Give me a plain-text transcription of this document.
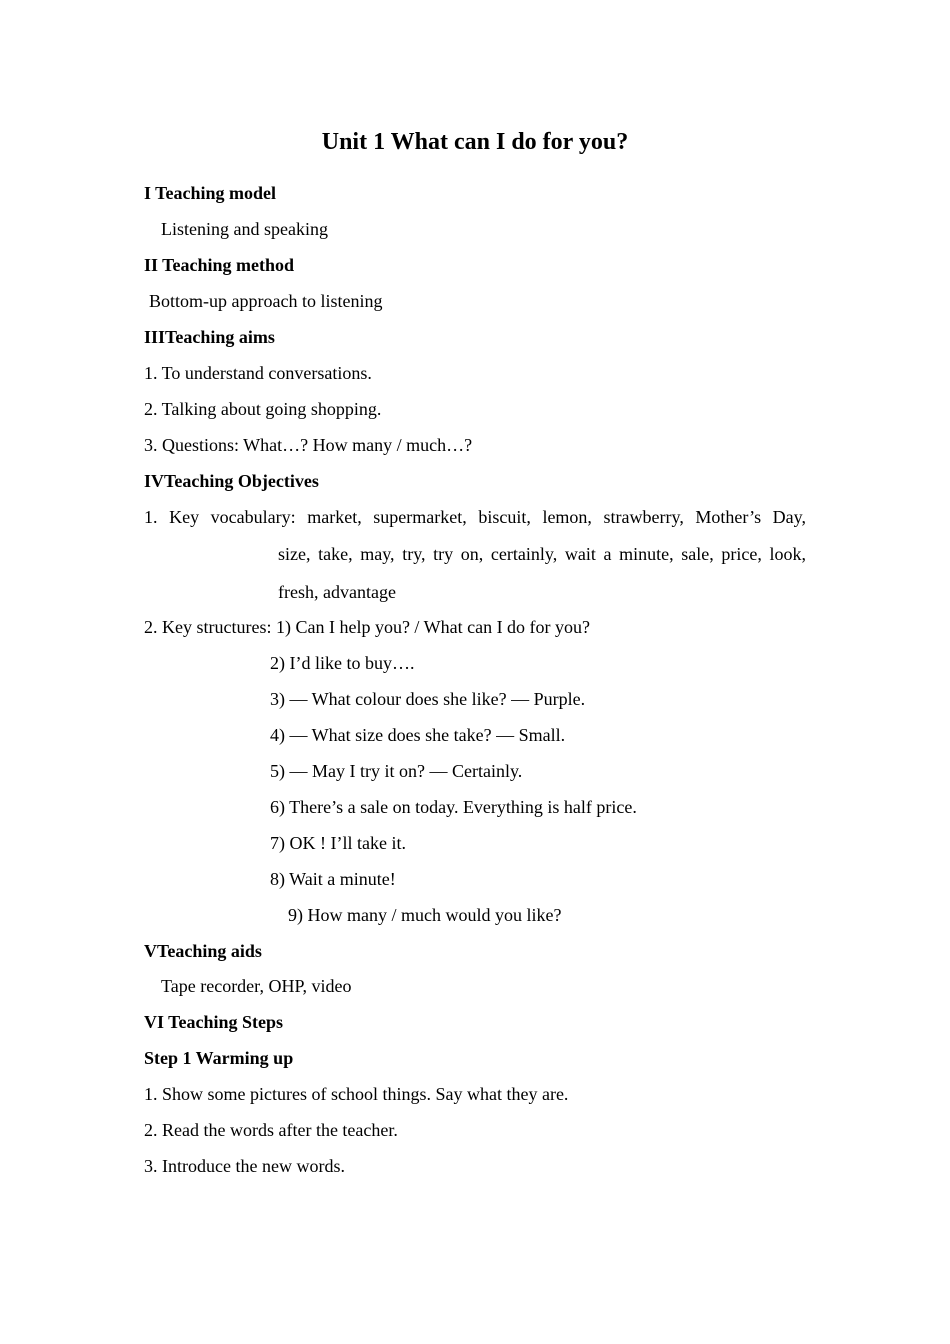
Unit 1 What can I do for you?
I Teaching model
Listening and speaking
II Teaching method
Bottom-up approach to listening
IIITeaching aims
1. To understand conversations.
2. Talking about going shopping.
3. Questions: What…? How many / much…?
IVTeaching Objectives
1. Key vocabulary: market, supermarket, biscuit, lemon, strawberry, Mother’s Day,
size, take, may, try, try on, certainly, wait a minute, sale, price, look,
fresh, advantage
2. Key structures: 1) Can I help you? / What can I do for you?
2) I’d like to buy….
3) — What colour does she like? — Purple.
4) — What size does she take? — Small.
5) — May I try it on? — Certainly.
6) There’s a sale on today. Everything is half price.
7) OK ! I’ll take it.
8) Wait a minute!
9) How many / much would you like?
VTeaching aids
Tape recorder, OHP, video
VI Teaching Steps
Step 1 Warming up
1. Show some pictures of school things. Say what they are.
2. Read the words after the teacher.
3. Introduce the new words.
